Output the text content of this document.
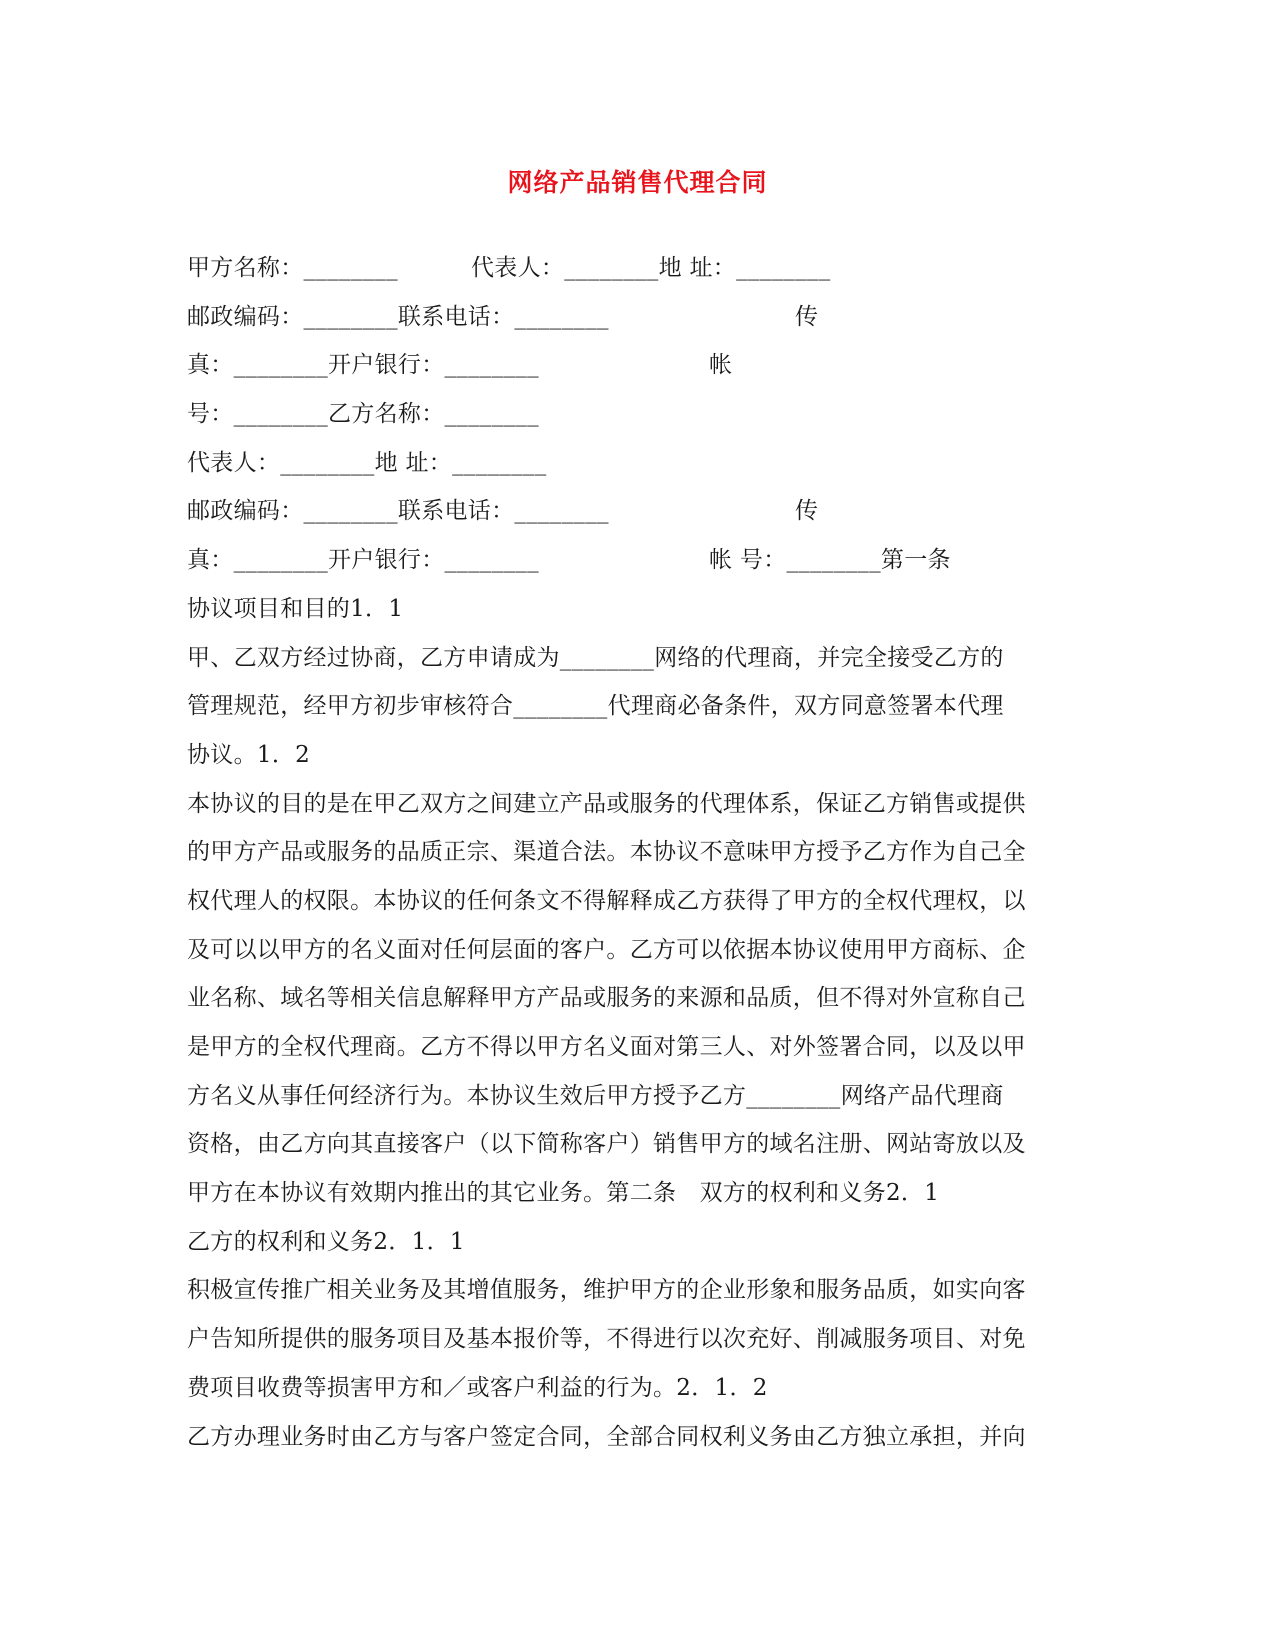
网络产品销售代理合同
甲方名称：________	代表人：________地 址：________
邮政编码：________联系电话：________	传
真：________开户银行：________	帐
号：________乙方名称：________
代表人：________地 址：________
邮政编码：________联系电话：________	传
真：________开户银行：________	帐 号：________第一条
协议项目和目的1．1
甲、乙双方经过协商，乙方申请成为________网络的代理商，并完全接受乙方的
管理规范，经甲方初步审核符合________代理商必备条件，双方同意签署本代理
协议。1．2
本协议的目的是在甲乙双方之间建立产品或服务的代理体系，保证乙方销售或提供
的甲方产品或服务的品质正宗、渠道合法。本协议不意味甲方授予乙方作为自己全
权代理人的权限。本协议的任何条文不得解释成乙方获得了甲方的全权代理权，以
及可以以甲方的名义面对任何层面的客户。乙方可以依据本协议使用甲方商标、企
业名称、域名等相关信息解释甲方产品或服务的来源和品质，但不得对外宣称自己
是甲方的全权代理商。乙方不得以甲方名义面对第三人、对外签署合同，以及以甲
方名义从事任何经济行为。本协议生效后甲方授予乙方________网络产品代理商
资格，由乙方向其直接客户（以下简称客户）销售甲方的域名注册、网站寄放以及
甲方在本协议有效期内推出的其它业务。第二条　双方的权利和义务2．1
乙方的权利和义务2．1．1
积极宣传推广相关业务及其增值服务，维护甲方的企业形象和服务品质，如实向客
户告知所提供的服务项目及基本报价等，不得进行以次充好、削减服务项目、对免
费项目收费等损害甲方和／或客户利益的行为。2．1．2
乙方办理业务时由乙方与客户签定合同，全部合同权利义务由乙方独立承担，并向
